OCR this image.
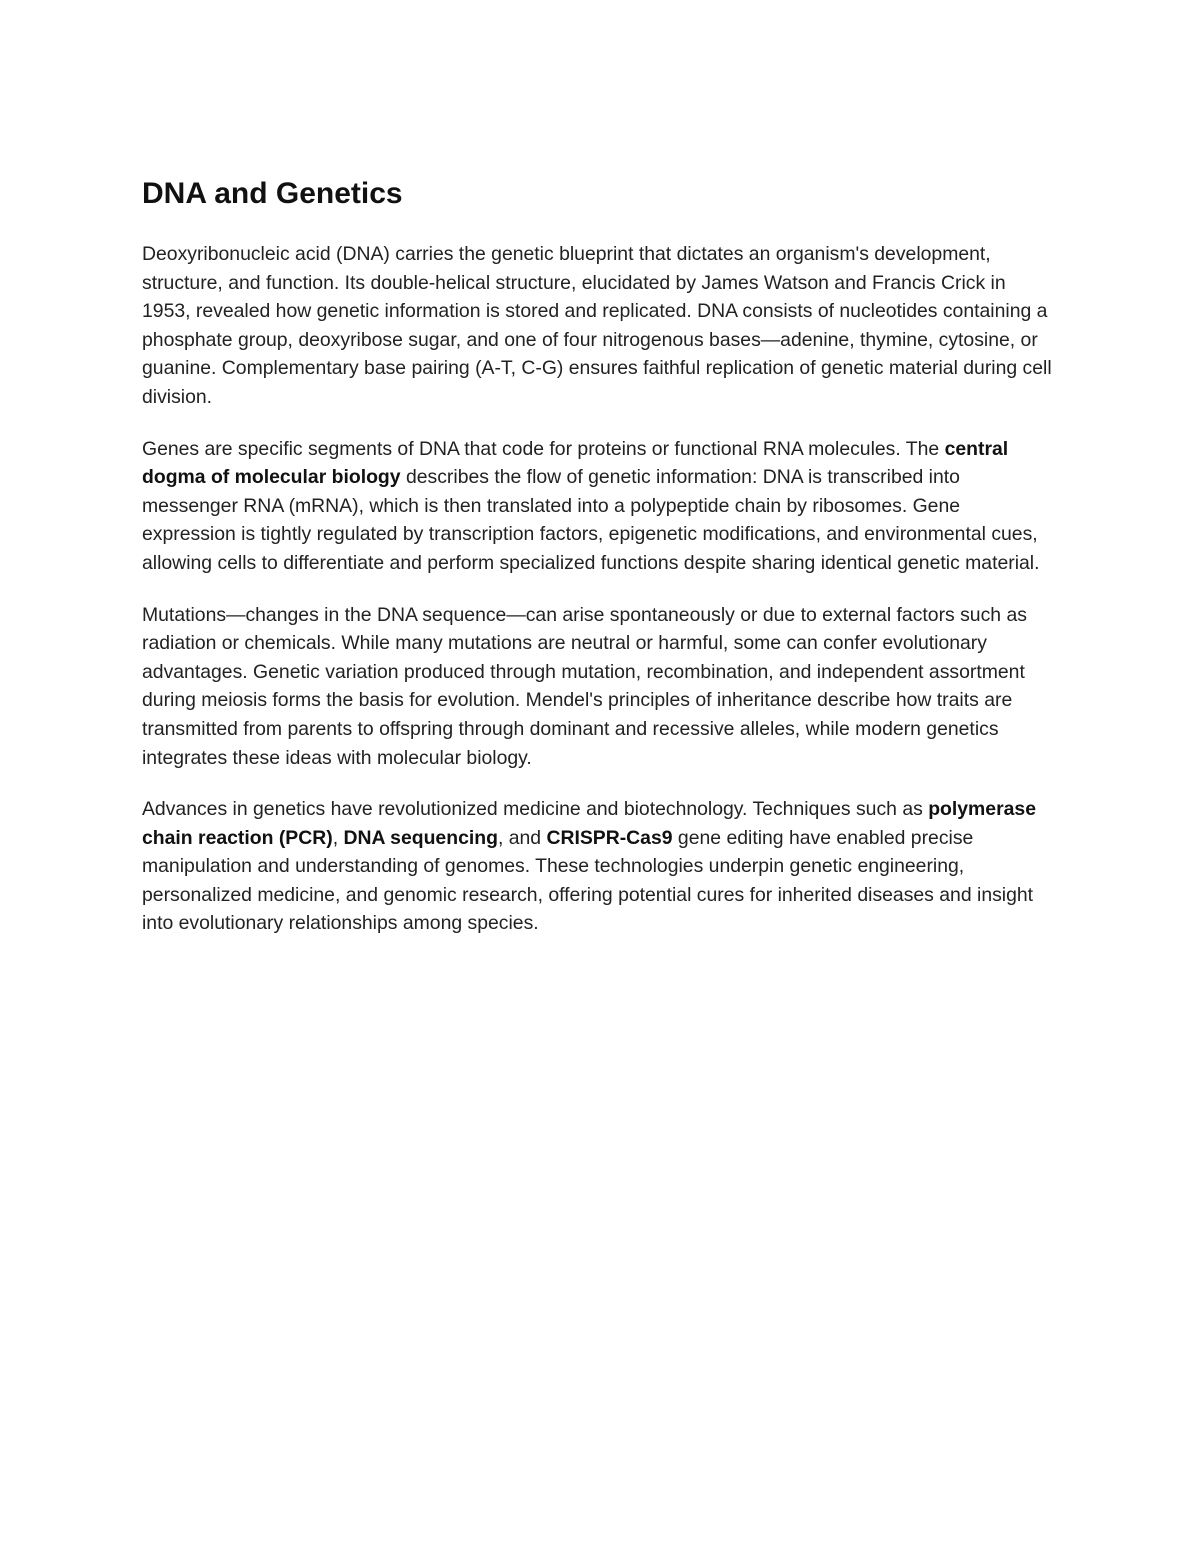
DNA and Genetics

Deoxyribonucleic acid (DNA) carries the genetic blueprint that dictates an organism's development, structure, and function. Its double-helical structure, elucidated by James Watson and Francis Crick in 1953, revealed how genetic information is stored and replicated. DNA consists of nucleotides containing a phosphate group, deoxyribose sugar, and one of four nitrogenous bases—adenine, thymine, cytosine, or guanine. Complementary base pairing (A-T, C-G) ensures faithful replication of genetic material during cell division.

Genes are specific segments of DNA that code for proteins or functional RNA molecules. The central dogma of molecular biology describes the flow of genetic information: DNA is transcribed into messenger RNA (mRNA), which is then translated into a polypeptide chain by ribosomes. Gene expression is tightly regulated by transcription factors, epigenetic modifications, and environmental cues, allowing cells to differentiate and perform specialized functions despite sharing identical genetic material.

Mutations—changes in the DNA sequence—can arise spontaneously or due to external factors such as radiation or chemicals. While many mutations are neutral or harmful, some can confer evolutionary advantages. Genetic variation produced through mutation, recombination, and independent assortment during meiosis forms the basis for evolution. Mendel's principles of inheritance describe how traits are transmitted from parents to offspring through dominant and recessive alleles, while modern genetics integrates these ideas with molecular biology.

Advances in genetics have revolutionized medicine and biotechnology. Techniques such as polymerase chain reaction (PCR), DNA sequencing, and CRISPR-Cas9 gene editing have enabled precise manipulation and understanding of genomes. These technologies underpin genetic engineering, personalized medicine, and genomic research, offering potential cures for inherited diseases and insight into evolutionary relationships among species.
